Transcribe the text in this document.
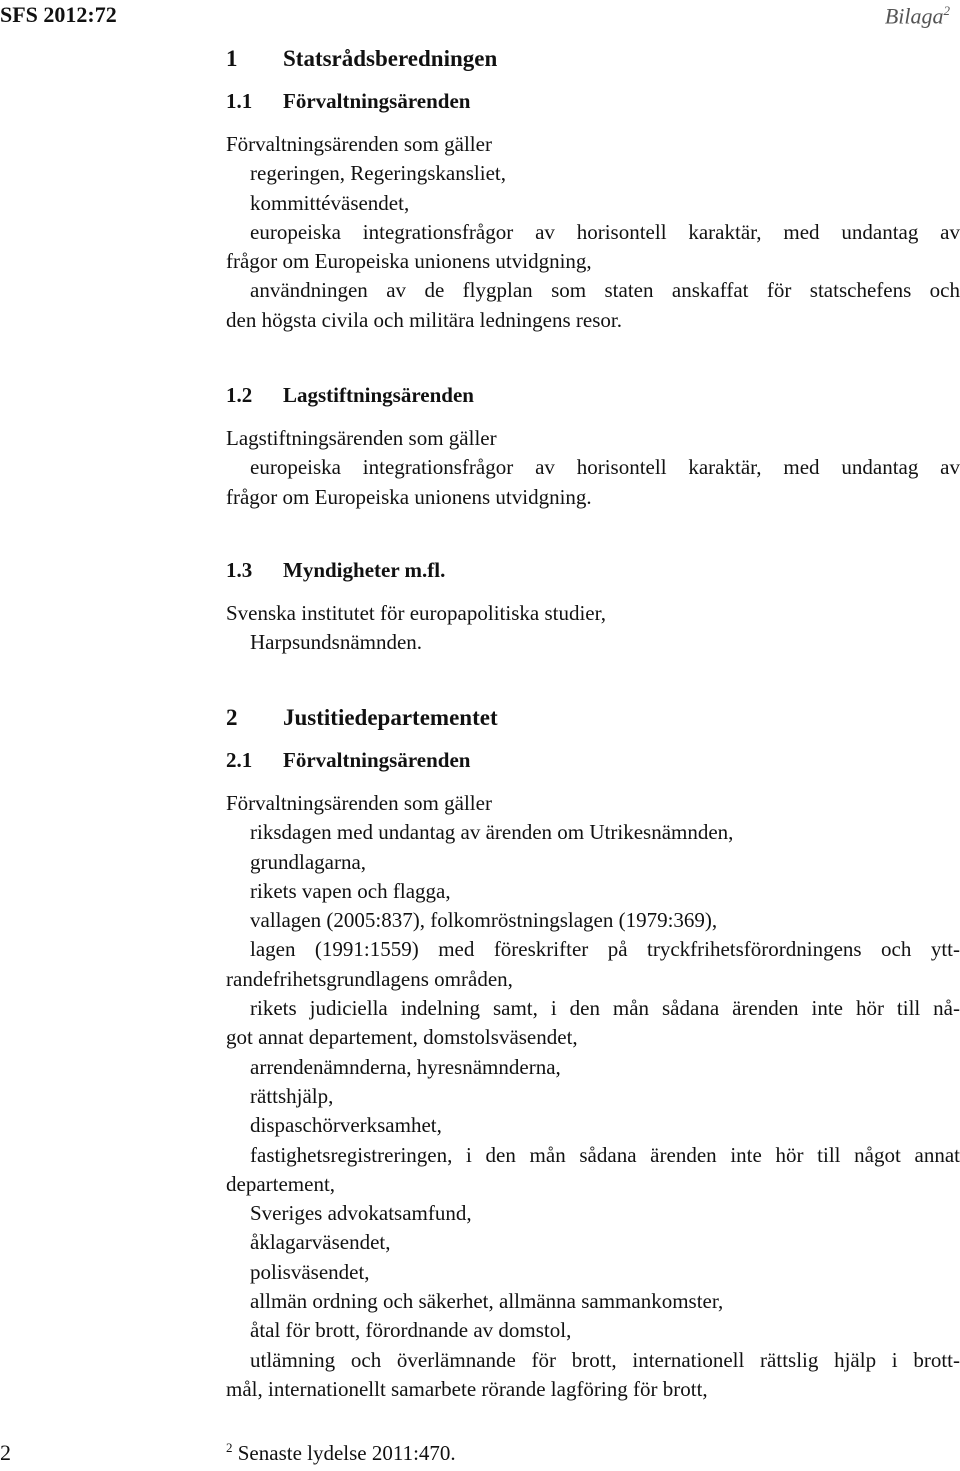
SFS 2012:72	Bilaga$^2$
1 Statsrådsberedningen
1.1 Förvaltningsärenden
Förvaltningsärenden som gäller
regeringen, Regeringskansliet,
kommittéväsendet,
europeiska integrationsfrågor av horisontell karaktär, med undantag av
frågor om Europeiska unionens utvidgning,
användningen av de flygplan som staten anskaffat för statschefens och
den högsta civila och militära ledningens resor.
1.2 Lagstiftningsärenden
Lagstiftningsärenden som gäller
europeiska integrationsfrågor av horisontell karaktär, med undantag av
frågor om Europeiska unionens utvidgning.
1.3 Myndigheter m.fl.
Svenska institutet för europapolitiska studier,
Harpsundsnämnden.
2 Justitiedepartementet
2.1 Förvaltningsärenden
Förvaltningsärenden som gäller
riksdagen med undantag av ärenden om Utrikesnämnden,
grundlagarna,
rikets vapen och flagga,
vallagen (2005:837), folkomröstningslagen (1979:369),
lagen (1991:1559) med föreskrifter på tryckfrihetsförordningens och ytt-
randefrihetsgrundlagens områden,
rikets judiciella indelning samt, i den mån sådana ärenden inte hör till nå-
got annat departement, domstolsväsendet,
arrendenämnderna, hyresnämnderna,
rättshjälp,
dispaschörverksamhet,
fastighetsregistreringen, i den mån sådana ärenden inte hör till något annat
departement,
Sveriges advokatsamfund,
åklagarväsendet,
polisväsendet,
allmän ordning och säkerhet, allmänna sammankomster,
åtal för brott, förordnande av domstol,
utlämning och överlämnande för brott, internationell rättslig hjälp i brott-
mål, internationellt samarbete rörande lagföring för brott,
2	$^2$ Senaste lydelse 2011:470.
